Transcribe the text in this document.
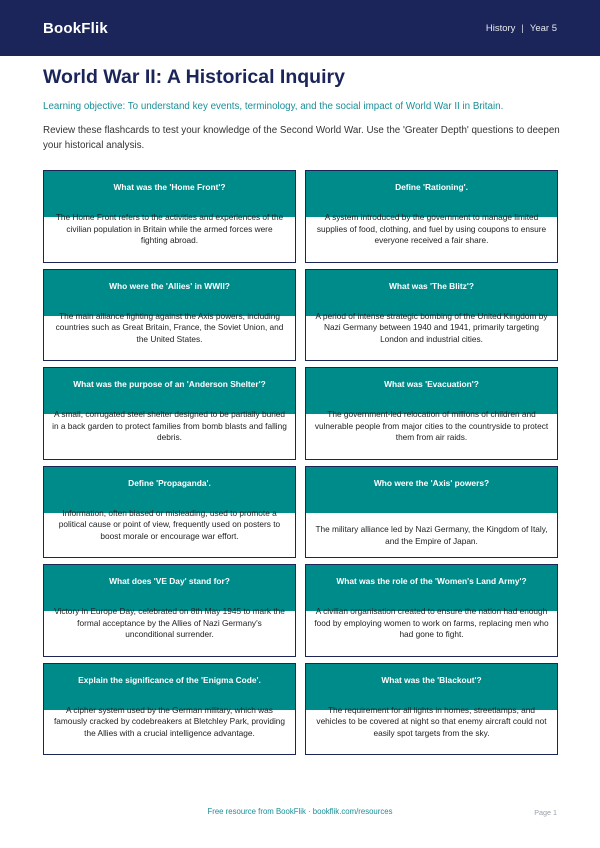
BookFlik	History | Year 5
World War II: A Historical Inquiry

Learning objective: To understand key events, terminology, and the social impact of World War II in Britain.

Review these flashcards to test your knowledge of the Second World War. Use the 'Greater Depth' questions to deepen your historical analysis.

What was the 'Home Front'?
The Home Front refers to the activities and experiences of the civilian population in Britain while the armed forces were fighting abroad.
Define 'Rationing'.
A system introduced by the government to manage limited supplies of food, clothing, and fuel by using coupons to ensure everyone received a fair share.
Who were the 'Allies' in WWII?
The main alliance fighting against the Axis powers, including countries such as Great Britain, France, the Soviet Union, and the United States.
What was 'The Blitz'?
A period of intense strategic bombing of the United Kingdom by Nazi Germany between 1940 and 1941, primarily targeting London and industrial cities.
What was the purpose of an 'Anderson Shelter'?
A small, corrugated steel shelter designed to be partially buried in a back garden to protect families from bomb blasts and falling debris.
What was 'Evacuation'?
The government-led relocation of millions of children and vulnerable people from major cities to the countryside to protect them from air raids.
Define 'Propaganda'.
Information, often biased or misleading, used to promote a political cause or point of view, frequently used on posters to boost morale or encourage war effort.
Who were the 'Axis' powers?
The military alliance led by Nazi Germany, the Kingdom of Italy, and the Empire of Japan.
What does 'VE Day' stand for?
Victory in Europe Day, celebrated on 8th May 1945 to mark the formal acceptance by the Allies of Nazi Germany's unconditional surrender.
What was the role of the 'Women's Land Army'?
A civilian organisation created to ensure the nation had enough food by employing women to work on farms, replacing men who had gone to fight.
Explain the significance of the 'Enigma Code'.
A cipher system used by the German military, which was famously cracked by codebreakers at Bletchley Park, providing the Allies with a crucial intelligence advantage.
What was the 'Blackout'?
The requirement for all lights in homes, streetlamps, and vehicles to be covered at night so that enemy aircraft could not easily spot targets from the sky.
Free resource from BookFlik · bookflik.com/resources	Page 1
